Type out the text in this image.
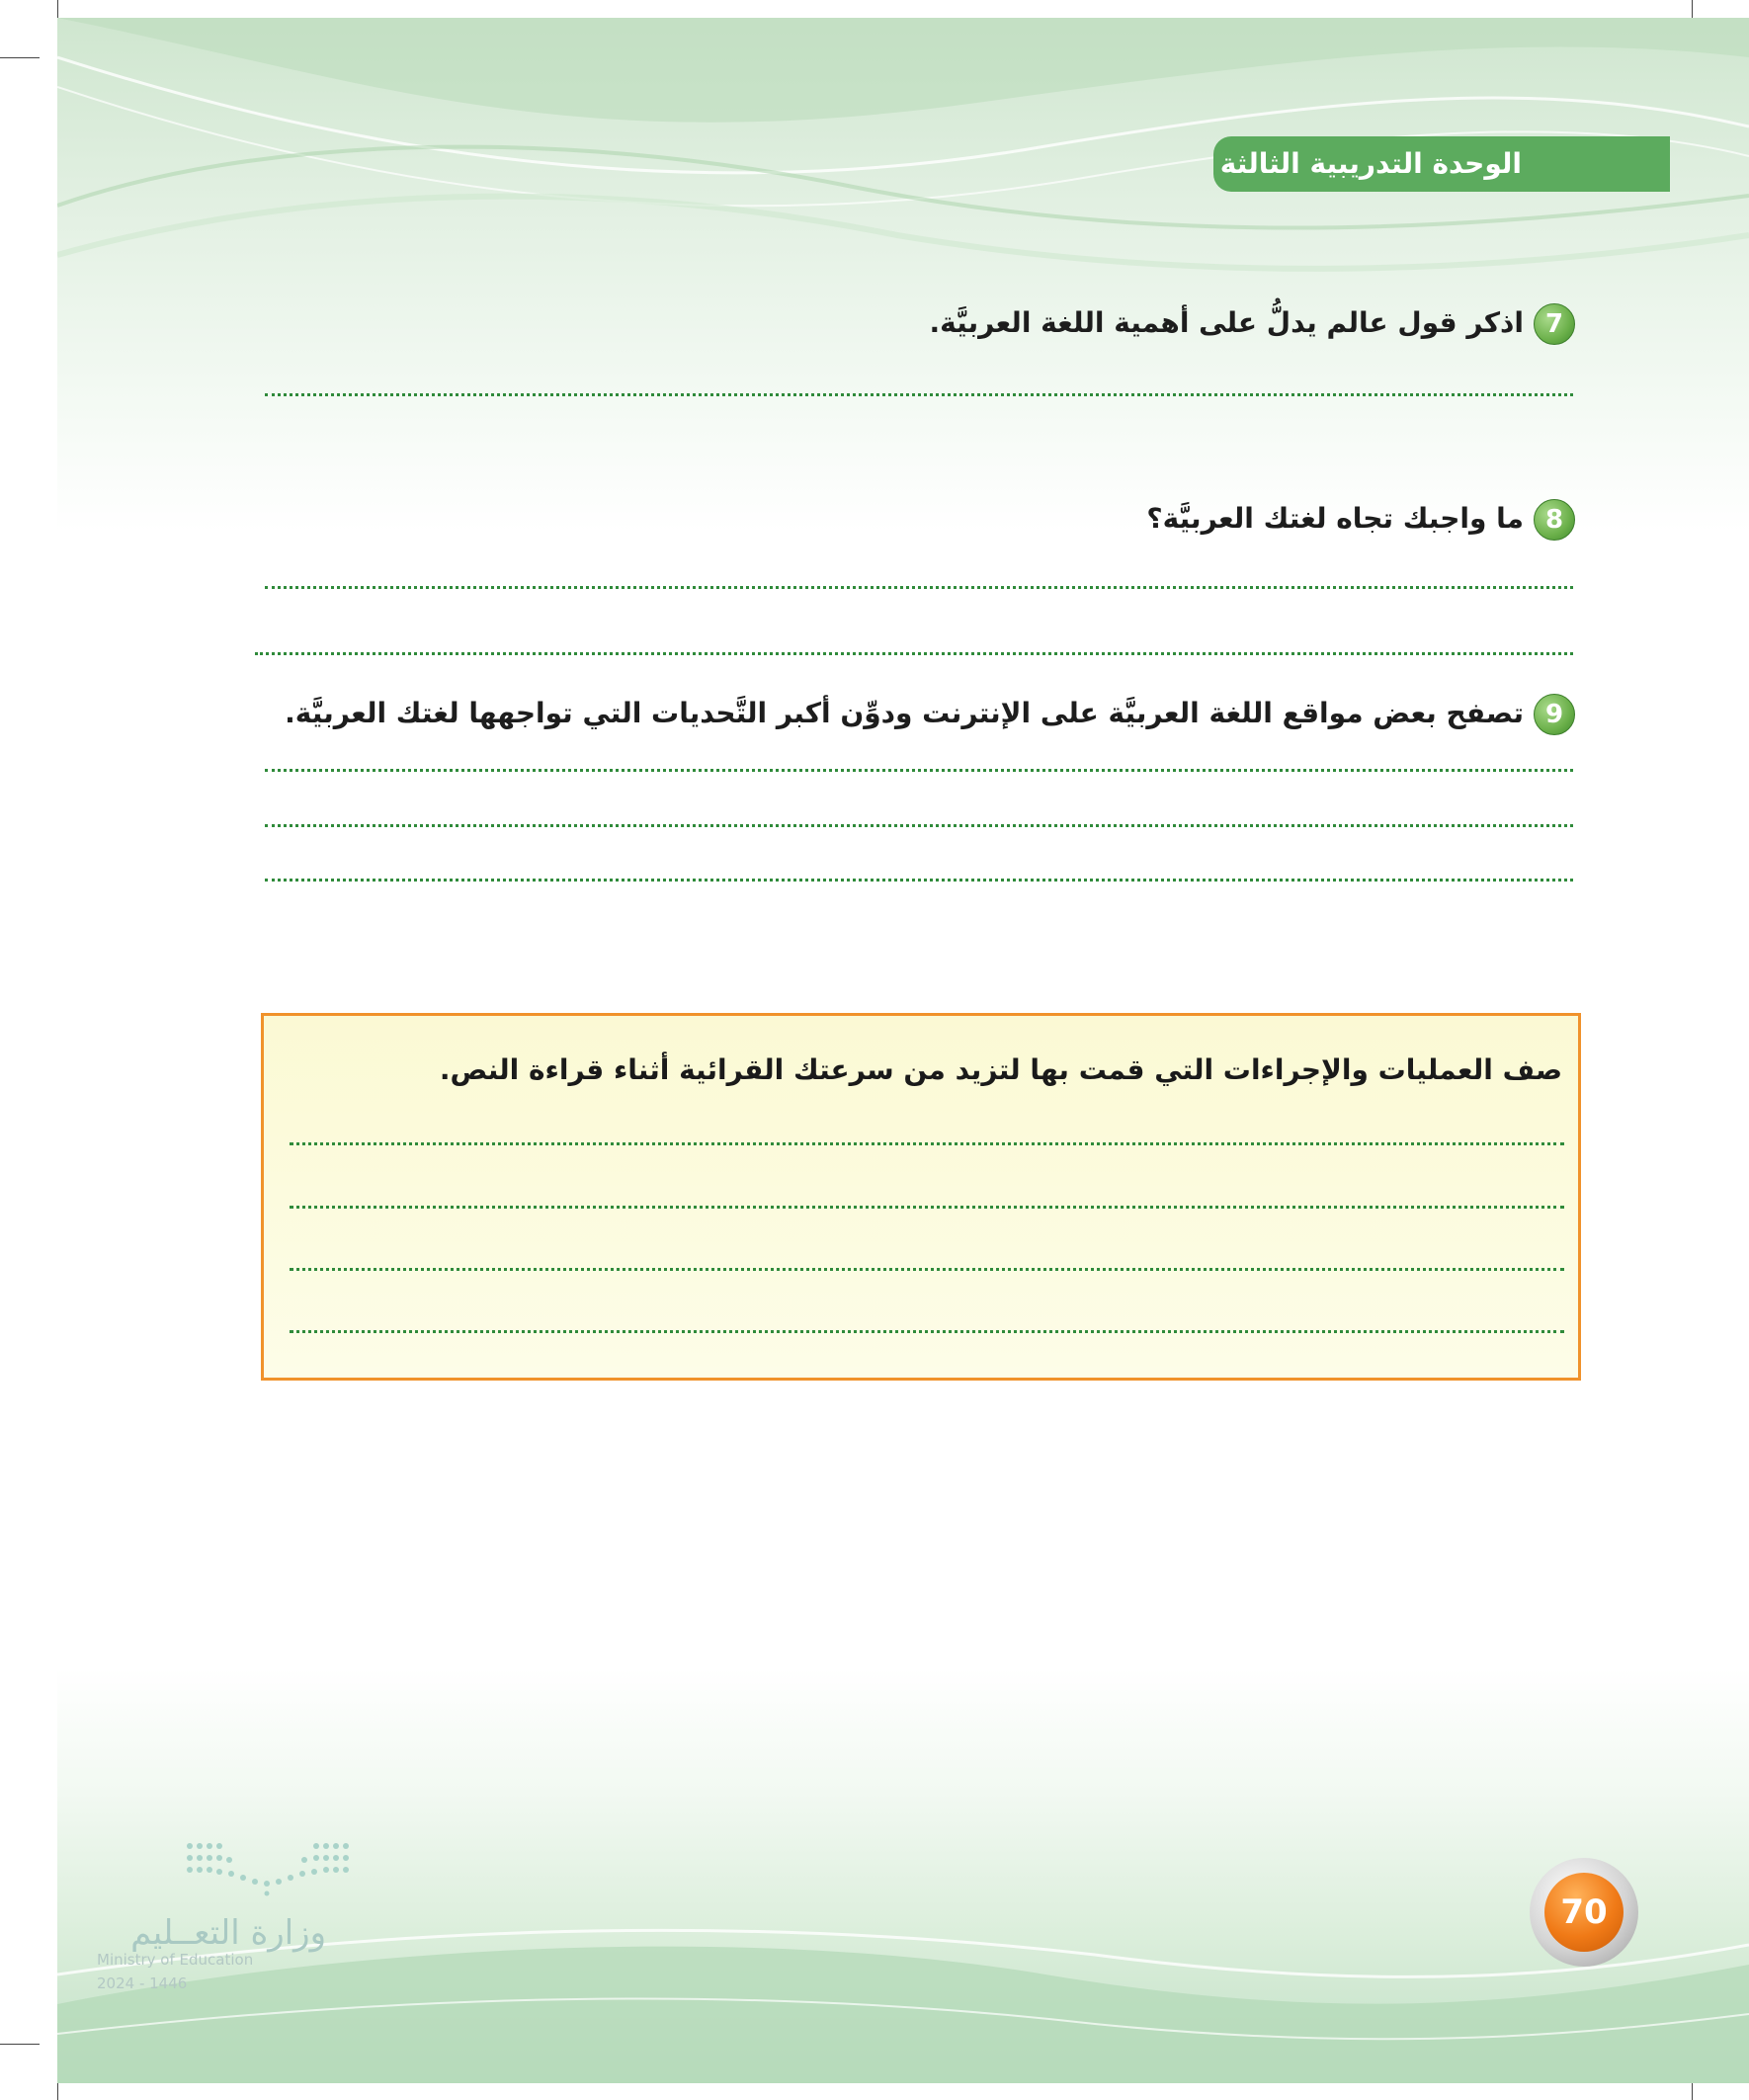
الوحدة التدريبية الثالثة
7اذكر قول عالم يدلُّ على أهمية اللغة العربيَّة.
8ما واجبك تجاه لغتك العربيَّة؟
9تصفح بعض مواقع اللغة العربيَّة على الإنترنت ودوِّن أكبر التَّحديات التي تواجهها لغتك العربيَّة.
صف العمليات والإجراءات التي قمت بها لتزيد من سرعتك القرائية أثناء قراءة النص.
70
وزارة التعــليم
Ministry of Education
2024 - 1446
